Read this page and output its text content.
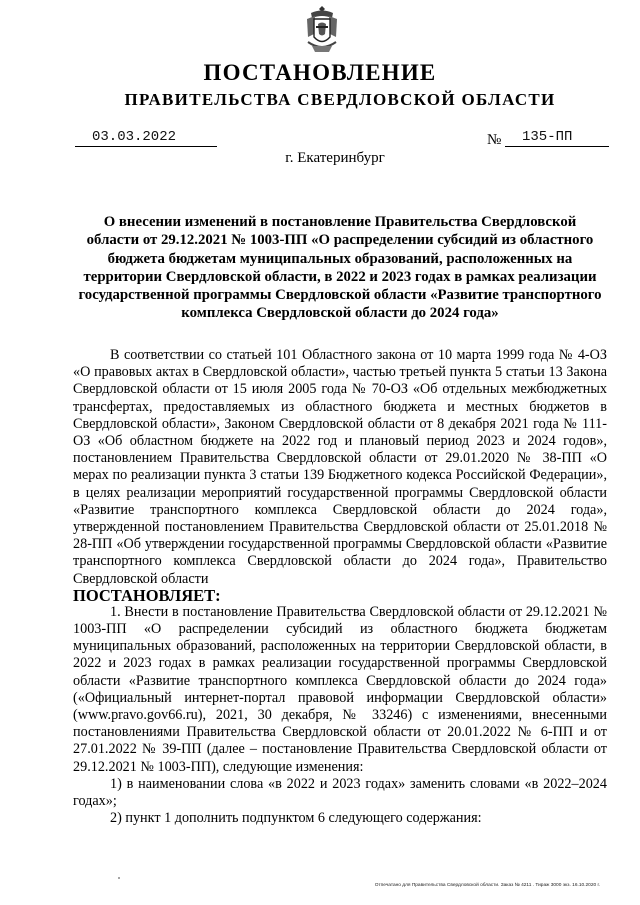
ПОСТАНОВЛЕНИЕ
ПРАВИТЕЛЬСТВА СВЕРДЛОВСКОЙ ОБЛАСТИ
03.03.2022	№ 135-ПП
г. Екатеринбург
О внесении изменений в постановление Правительства Свердловской области от 29.12.2021 № 1003-ПП «О распределении субсидий из областного бюджета бюджетам муниципальных образований, расположенных на территории Свердловской области, в 2022 и 2023 годах в рамках реализации государственной программы Свердловской области «Развитие транспортного комплекса Свердловской области до 2024 года»

В соответствии со статьей 101 Областного закона от 10 марта 1999 года № 4-ОЗ «О правовых актах в Свердловской области», частью третьей пункта 5 статьи 13 Закона Свердловской области от 15 июля 2005 года № 70-ОЗ «Об отдельных межбюджетных трансфертах, предоставляемых из областного бюджета и местных бюджетов в Свердловской области», Законом Свердловской области от 8 декабря 2021 года № 111-ОЗ «Об областном бюджете на 2022 год и плановый период 2023 и 2024 годов», постановлением Правительства Свердловской области от 29.01.2020 № 38-ПП «О мерах по реализации пункта 3 статьи 139 Бюджетного кодекса Российской Федерации», в целях реализации мероприятий государственной программы Свердловской области «Развитие транспортного комплекса Свердловской области до 2024 года», утвержденной постановлением Правительства Свердловской области от 25.01.2018 № 28-ПП «Об утверждении государственной программы Свердловской области «Развитие транспортного комплекса Свердловской области до 2024 года», Правительство Свердловской области

ПОСТАНОВЛЯЕТ:

1. Внести в постановление Правительства Свердловской области от 29.12.2021 № 1003-ПП «О распределении субсидий из областного бюджета бюджетам муниципальных образований, расположенных на территории Свердловской области, в 2022 и 2023 годах в рамках реализации государственной программы Свердловской области «Развитие транспортного комплекса Свердловской области до 2024 года» («Официальный интернет-портал правовой информации Свердловской области» (www.pravo.gov66.ru), 2021, 30 декабря, № 33246) с изменениями, внесенными постановлениями Правительства Свердловской области от 20.01.2022 № 6-ПП и от 27.01.2022 № 39-ПП (далее – постановление Правительства Свердловской области от 29.12.2021 № 1003-ПП), следующие изменения:

1) в наименовании слова «в 2022 и 2023 годах» заменить словами «в 2022–2024 годах»;

2) пункт 1 дополнить подпунктом 6 следующего содержания:

Отпечатано для Правительства Свердловской области. Заказ № 4211 . Тираж 3000 экз. 16.10.2020 г.
